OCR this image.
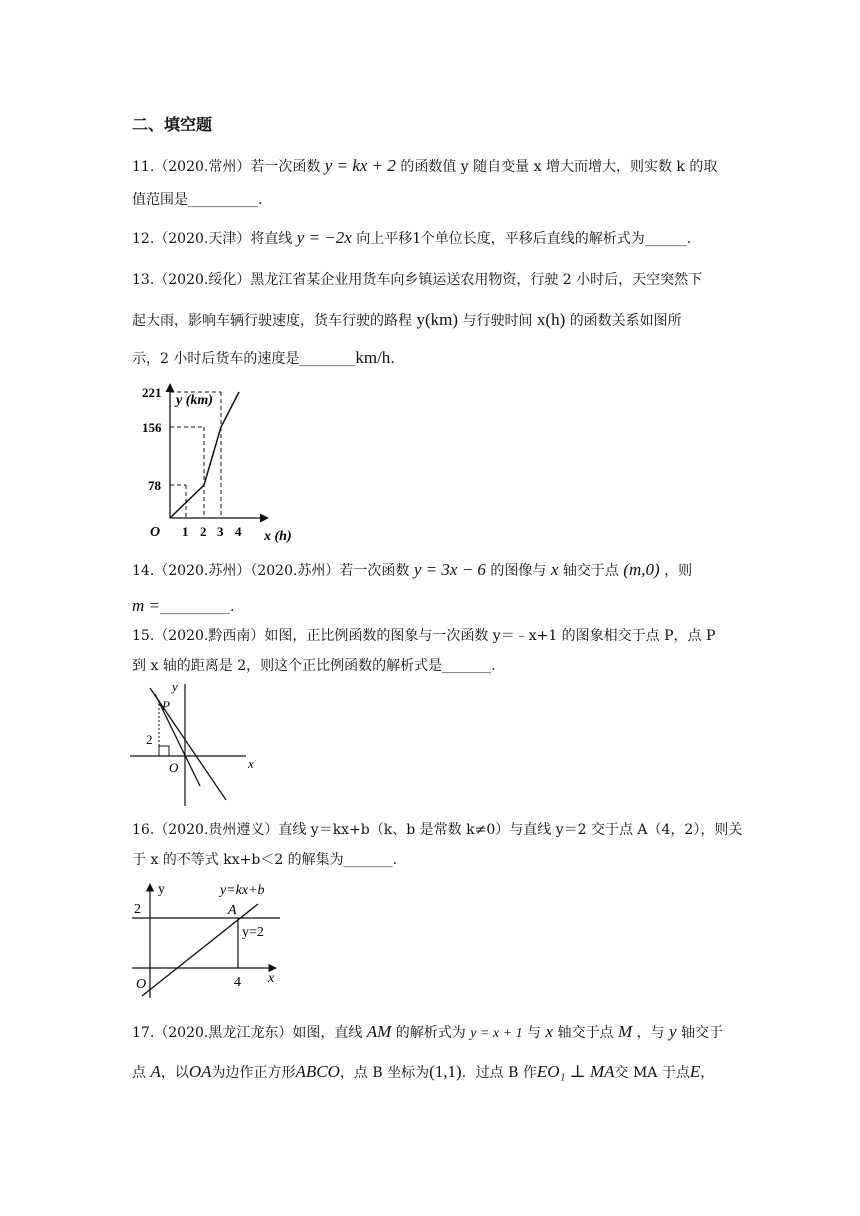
二、填空题
11.（2020.常州）若一次函数 y = kx + 2 的函数值 y 随自变量 x 增大而增大，则实数 k 的取
值范围是__________.
12.（2020.天津）将直线 y = −2x 向上平移1个单位长度，平移后直线的解析式为______.
13.（2020.绥化）黑龙江省某企业用货车向乡镇运送农用物资，行驶 2 小时后，天空突然下
起大雨，影响车辆行驶速度，货车行驶的路程 y(km) 与行驶时间 x(h) 的函数关系如图所
示，2 小时后货车的速度是________km/h.
y (km)
x (h)
O
221
156
78
1 2 3 4
14.（2020.苏州）（2020.苏州）若一次函数 y = 3x − 6 的图像与 x 轴交于点 (m,0) ，则
m =__________.
15.（2020.黔西南）如图，正比例函数的图象与一次函数 y＝﹣x+1 的图象相交于点 P，点 P
到 x 轴的距离是 2，则这个正比例函数的解析式是_______.
y
x
O
P
2
16.（2020.贵州遵义）直线 y＝kx+b（k、b 是常数 k≠0）与直线 y＝2 交于点 A（4，2），则关
于 x 的不等式 kx+b＜2 的解集为_______.
y
x
O
y=kx+b
y=2
A
2
4
17.（2020.黑龙江龙东）如图，直线 AM 的解析式为 y = x + 1 与 x 轴交于点 M ，与 y 轴交于
点 A，以OA为边作正方形ABCO，点 B 坐标为(1,1)．过点 B 作EO₁ ⊥ MA交 MA 于点E，
